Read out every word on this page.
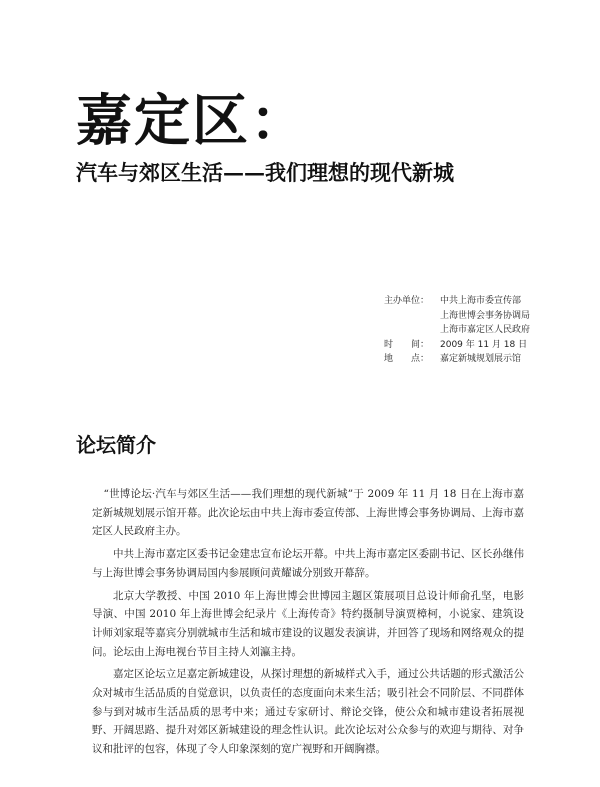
嘉定区：
汽车与郊区生活——我们理想的现代新城
主办单位：	中共上海市委宣传部
上海世博会事务协调局
上海市嘉定区人民政府
时　　间：	2009 年 11 月 18 日
地　　点：	嘉定新城规划展示馆
论坛简介

“世博论坛·汽车与郊区生活——我们理想的现代新城”于 2009 年 11 月 18 日在上海市嘉定新城规划展示馆开幕。此次论坛由中共上海市委宣传部、上海世博会事务协调局、上海市嘉定区人民政府主办。

中共上海市嘉定区委书记金建忠宣布论坛开幕。中共上海市嘉定区委副书记、区长孙继伟与上海世博会事务协调局国内参展顾问黄耀诚分别致开幕辞。

北京大学教授、中国 2010 年上海世博会世博园主题区策展项目总设计师俞孔坚，电影导演、中国 2010 年上海世博会纪录片《上海传奇》特约摄制导演贾樟柯，小说家、建筑设计师刘家琨等嘉宾分别就城市生活和城市建设的议题发表演讲，并回答了现场和网络观众的提问。论坛由上海电视台节目主持人刘瀛主持。

嘉定区论坛立足嘉定新城建设，从探讨理想的新城样式入手，通过公共话题的形式激活公众对城市生活品质的自觉意识，以负责任的态度面向未来生活；吸引社会不同阶层、不同群体参与到对城市生活品质的思考中来；通过专家研讨、辩论交锋，使公众和城市建设者拓展视野、开阔思路、提升对郊区新城建设的理念性认识。此次论坛对公众参与的欢迎与期待、对争议和批评的包容，体现了令人印象深刻的宽广视野和开阔胸襟。
